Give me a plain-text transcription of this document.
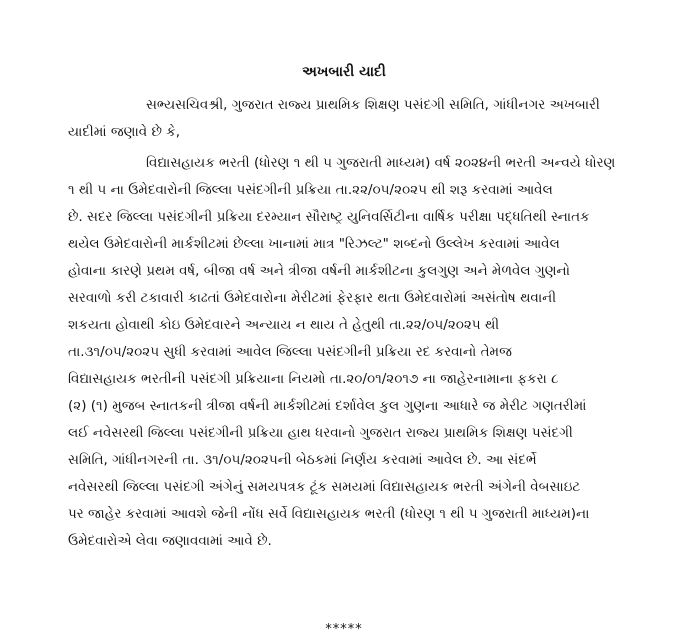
અખબારી યાદી
સભ્યસચિવશ્રી, ગુજરાત રાજ્ય પ્રાથમિક શિક્ષણ પસંદગી સમિતિ, ગાંધીનગર અખબારી
યાદીમાં જણાવે છે કે,
વિદ્યાસહાયક ભરતી (ધોરણ ૧ થી ૫ ગુજરાતી માધ્યમ) વર્ષ ૨૦૨૪ની ભરતી અન્વયે ધોરણ
૧ થી ૫ ના ઉમેદવારોની જિલ્લા પસંદગીની પ્રક્રિયા તા.૨૨/૦૫/૨૦૨૫ થી શરૂ કરવામાં આવેલ
છે. સદર જિલ્લા પસંદગીની પ્રક્રિયા દરમ્યાન સૌરાષ્ટ્ર યુનિવર્સિટીના વાર્ષિક પરીક્ષા પદ્ધતિથી સ્નાતક
થયેલ ઉમેદવારોની માર્કશીટમાં છેલ્લા ખાનામાં માત્ર "રિઝલ્ટ" શબ્દનો ઉલ્લેખ કરવામાં આવેલ
હોવાના કારણે પ્રથમ વર્ષ, બીજા વર્ષ અને ત્રીજા વર્ષની માર્કશીટના કુલગુણ અને મેળવેલ ગુણનો
સરવાળો કરી ટકાવારી કાઢતાં ઉમેદવારોના મેરીટમાં ફેરફાર થતા ઉમેદવારોમાં અસંતોષ થવાની
શકયતા હોવાથી કોઇ ઉમેદવારને અન્યાય ન થાય તે હેતુથી તા.૨૨/૦૫/૨૦૨૫ થી
તા.૩૧/૦૫/૨૦૨૫ સુધી કરવામાં આવેલ જિલ્લા પસંદગીની પ્રક્રિયા રદ કરવાનો તેમજ
વિદ્યાસહાયક ભરતીની પસંદગી પ્રક્રિયાના નિયમો તા.૨૦/૦૧/૨૦૧૭ ના જાહેરનામાના ફકરા ૮
(૨) (૧) મુજબ સ્નાતકની ત્રીજા વર્ષની માર્કશીટમાં દર્શાવેલ કુલ ગુણના આધારે જ મેરીટ ગણતરીમાં
લઈ નવેસરથી જિલ્લા પસંદગીની પ્રક્રિયા હાથ ધરવાનો ગુજરાત રાજ્ય પ્રાથમિક શિક્ષણ પસંદગી
સમિતિ, ગાંધીનગરની તા. ૩૧/૦૫/૨૦૨૫ની બેઠકમાં નિર્ણય કરવામાં આવેલ છે. આ સંદર્ભે
નવેસરથી જિલ્લા પસંદગી અંગેનું સમયપત્રક ટૂંક સમયમાં વિદ્યાસહાયક ભરતી અંગેની વેબસાઇટ
પર જાહેર કરવામાં આવશે જેની નોંધ સર્વે વિદ્યાસહાયક ભરતી (ધોરણ ૧ થી ૫ ગુજરાતી માધ્યમ)ના
ઉમેદવારોએ લેવા જણાવવામાં આવે છે.
*****
